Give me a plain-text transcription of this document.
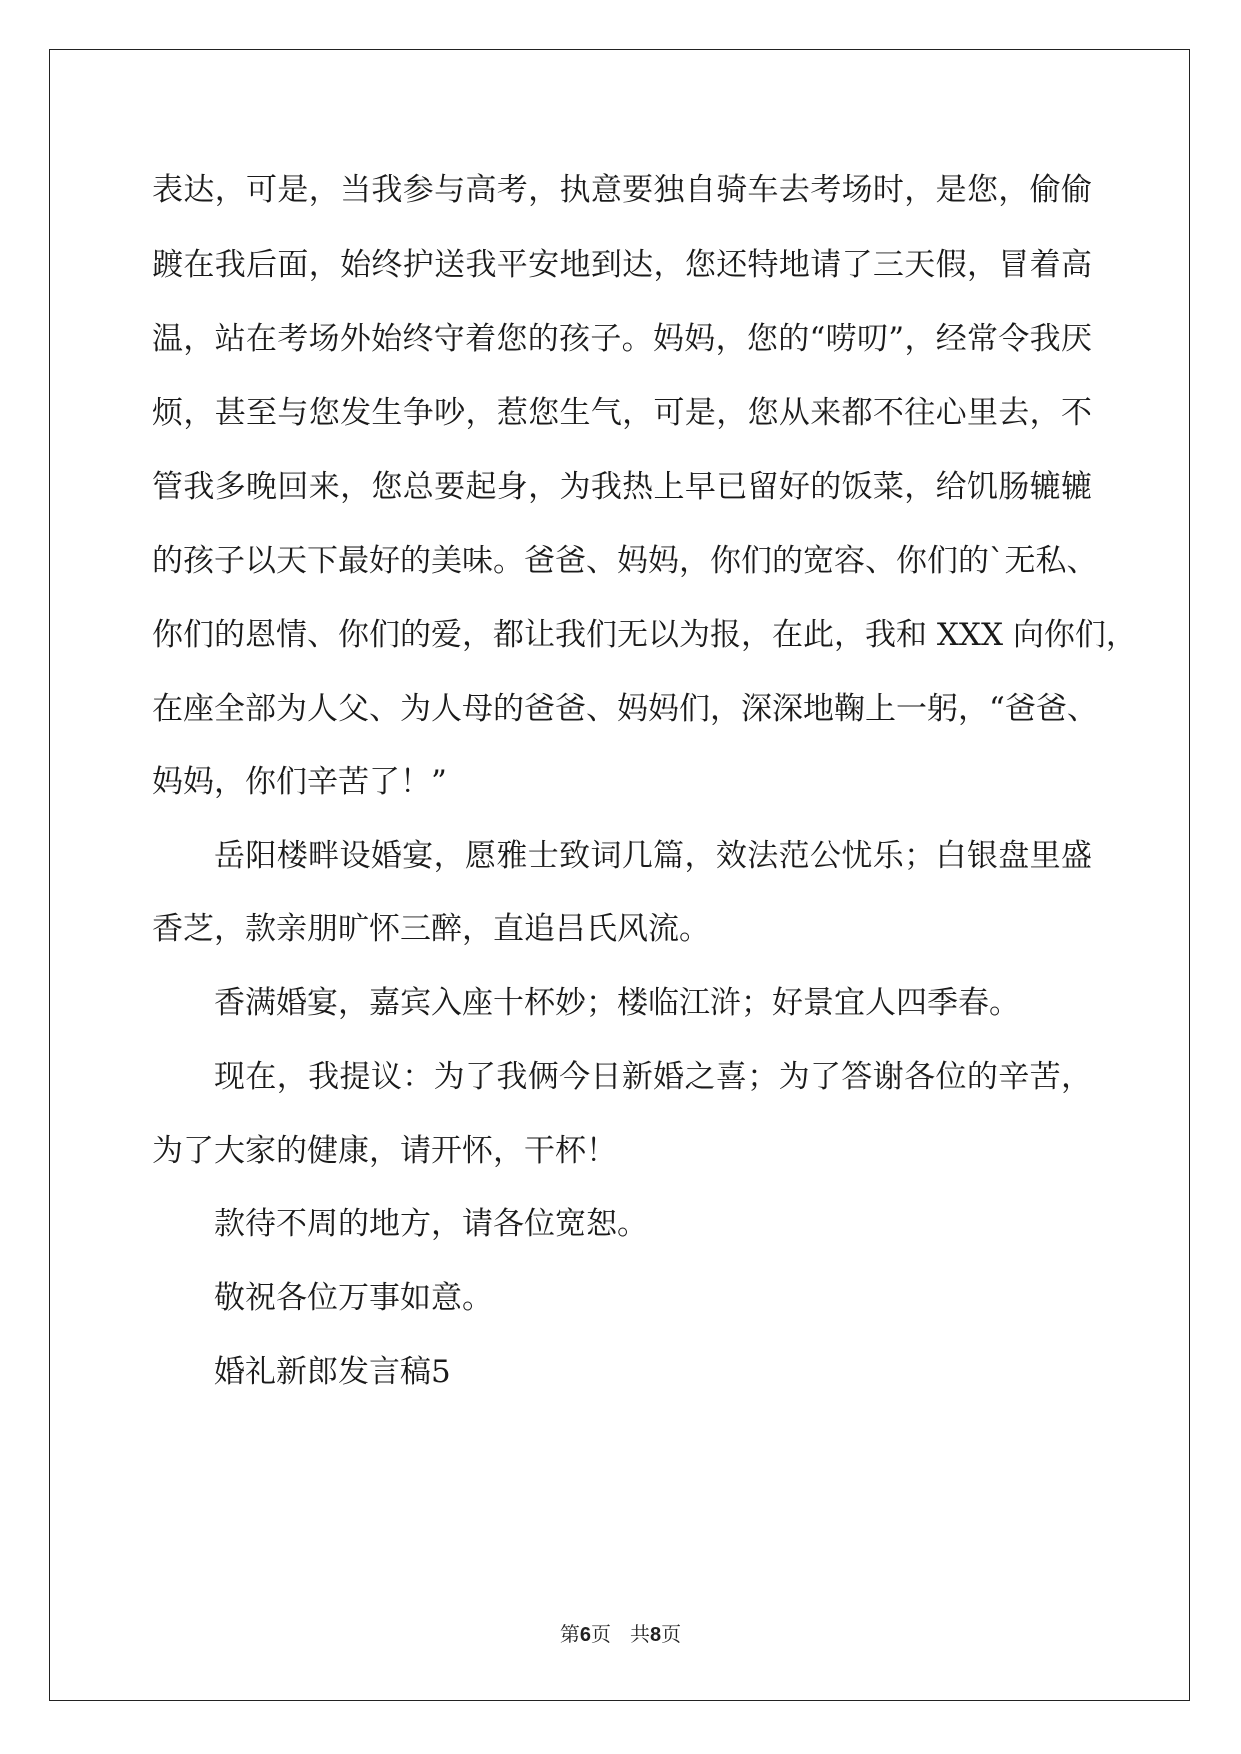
表达，可是，当我参与高考，执意要独自骑车去考场时，是您，偷偷
踱在我后面，始终护送我平安地到达，您还特地请了三天假，冒着高
温，站在考场外始终守着您的孩子。妈妈，您的“唠叨”，经常令我厌
烦，甚至与您发生争吵，惹您生气，可是，您从来都不往心里去，不
管我多晚回来，您总要起身，为我热上早已留好的饭菜，给饥肠辘辘
的孩子以天下最好的美味。爸爸、妈妈，你们的宽容、你们的`无私、
你们的恩情、你们的爱，都让我们无以为报，在此，我和 XXX 向你们，
在座全部为人父、为人母的爸爸、妈妈们，深深地鞠上一躬，“爸爸、
妈妈，你们辛苦了！”
岳阳楼畔设婚宴，愿雅士致词几篇，效法范公忧乐；白银盘里盛
香芝，款亲朋旷怀三醉，直追吕氏风流。
香满婚宴，嘉宾入座十杯妙；楼临江浒；好景宜人四季春。
现在，我提议：为了我俩今日新婚之喜；为了答谢各位的辛苦，
为了大家的健康，请开怀，干杯！
款待不周的地方，请各位宽恕。
敬祝各位万事如意。
婚礼新郎发言稿5
第6页 共8页
